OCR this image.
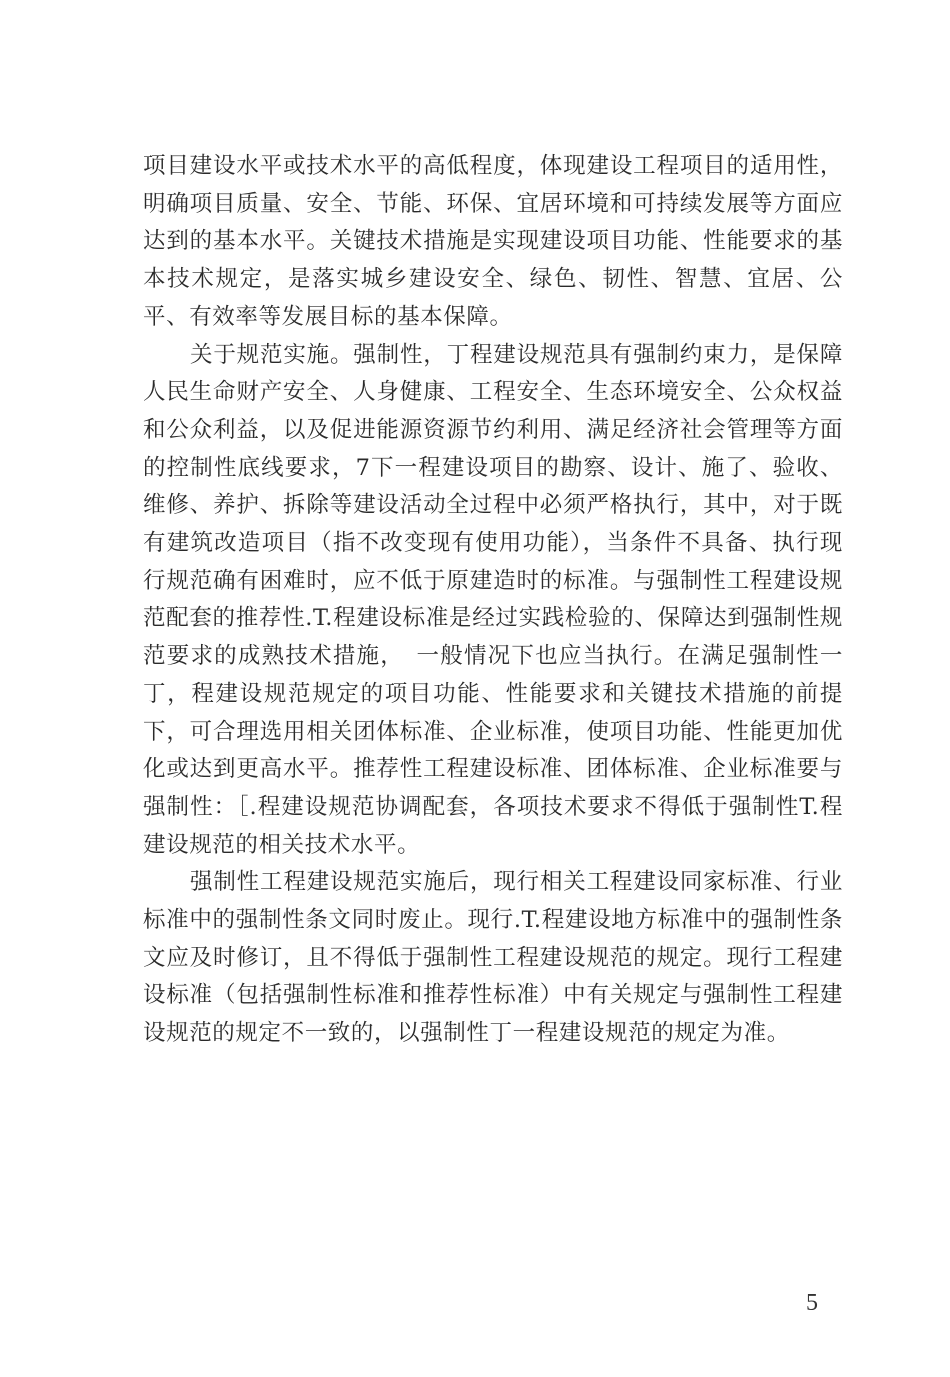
项目建设水平或技术水平的高低程度，体现建设工程项目的适用性，明确项目质量、安全、节能、环保、宜居环境和可持续发展等方面应达到的基本水平。关键技术措施是实现建设项目功能、性能要求的基本技术规定，是落实城乡建设安全、绿色、韧性、智慧、宜居、公平、有效率等发展目标的基本保障。

关于规范实施。强制性，丁程建设规范具有强制约束力，是保障人民生命财产安全、人身健康、工程安全、生态环境安全、公众权益和公众利益，以及促进能源资源节约利用、满足经济社会管理等方面的控制性底线要求，7下一程建设项目的勘察、设计、施了、验收、维修、养护、拆除等建设活动全过程中必须严格执行，其中，对于既有建筑改造项目（指不改变现有使用功能），当条件不具备、执行现行规范确有困难时，应不低于原建造时的标准。与强制性工程建设规范配套的推荐性.T.程建设标准是经过实践检验的、保障达到强制性规范要求的成熟技术措施，　一般情况下也应当执行。在满足强制性一丁，程建设规范规定的项目功能、性能要求和关键技术措施的前提下，可合理选用相关团体标准、企业标准，使项目功能、性能更加优化或达到更高水平。推荐性工程建设标准、团体标准、企业标准要与强制性：［.程建设规范协调配套，各项技术要求不得低于强制性T.程建设规范的相关技术水平。

强制性工程建设规范实施后，现行相关工程建设同家标准、行业标准中的强制性条文同时废止。现行.T.程建设地方标准中的强制性条文应及时修订，且不得低于强制性工程建设规范的规定。现行工程建设标准（包括强制性标准和推荐性标准）中有关规定与强制性工程建设规范的规定不一致的，以强制性丁一程建设规范的规定为准。

5
